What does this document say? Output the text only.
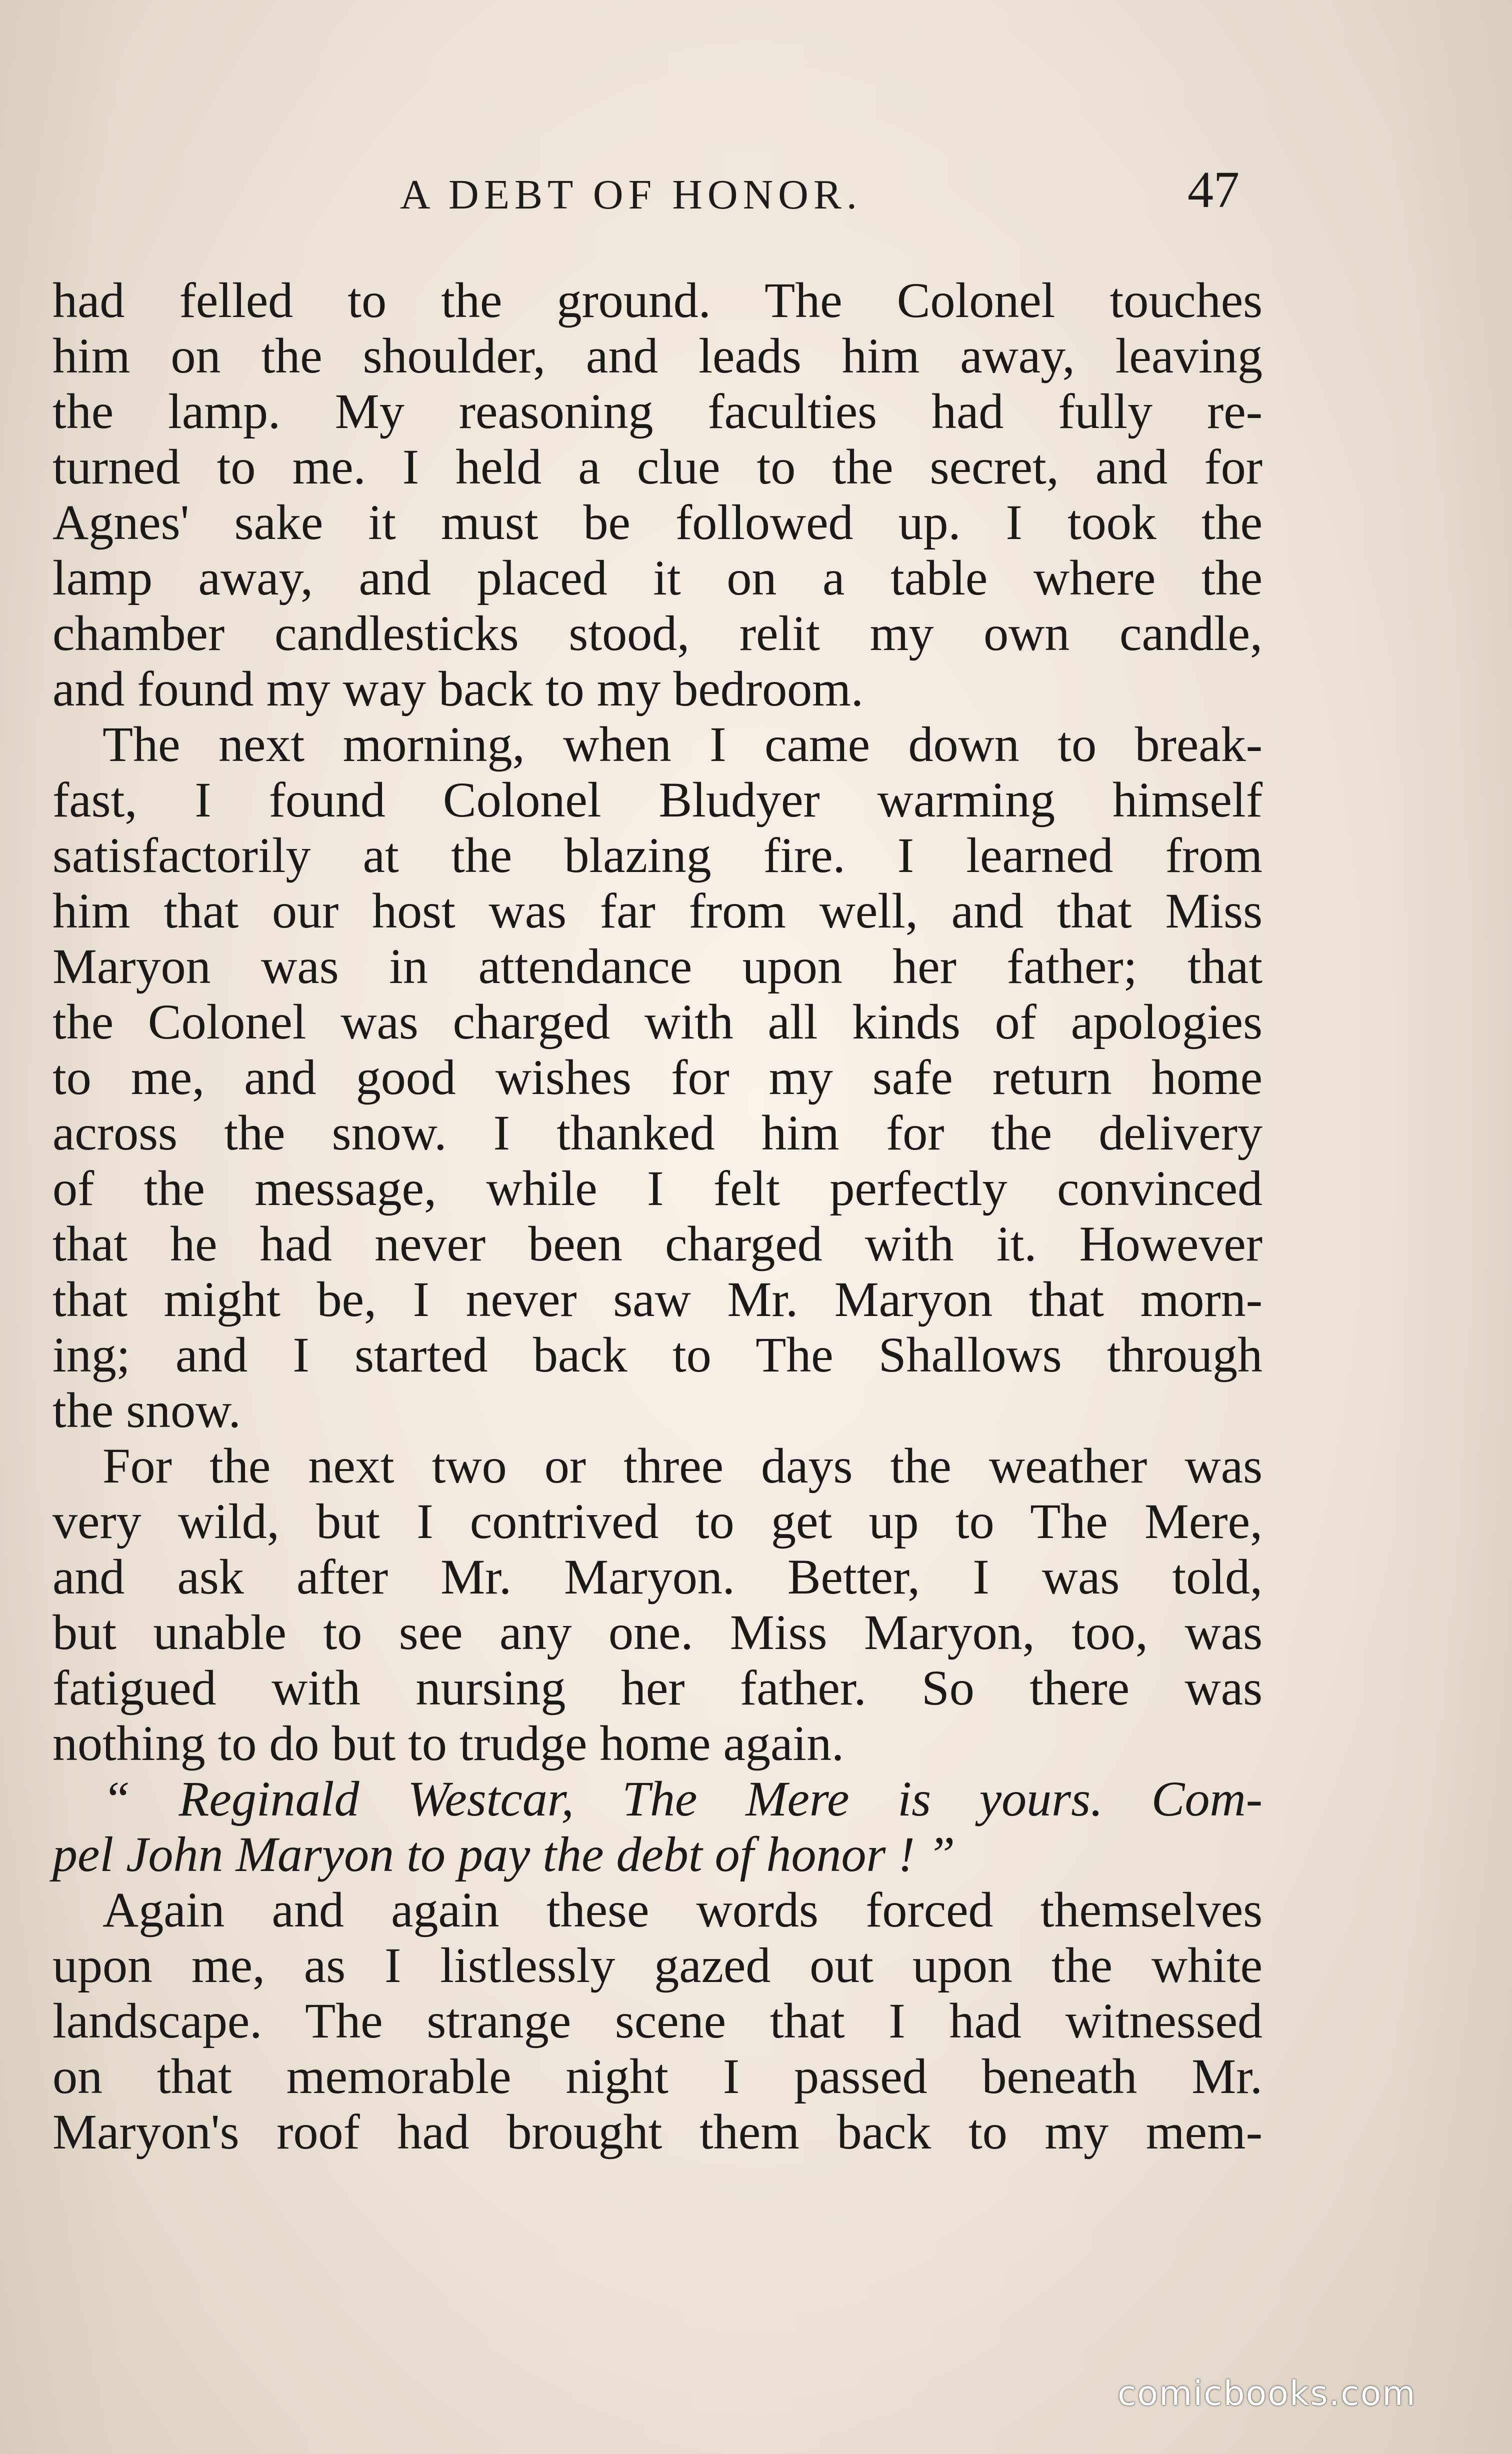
A DEBT OF HONOR.	47
had felled to the ground. The Colonel touches
him on the shoulder, and leads him away, leaving
the lamp. My reasoning faculties had fully re-
turned to me. I held a clue to the secret, and for
Agnes' sake it must be followed up. I took the
lamp away, and placed it on a table where the
chamber candlesticks stood, relit my own candle,
and found my way back to my bedroom.
The next morning, when I came down to break-
fast, I found Colonel Bludyer warming himself
satisfactorily at the blazing fire. I learned from
him that our host was far from well, and that Miss
Maryon was in attendance upon her father; that
the Colonel was charged with all kinds of apologies
to me, and good wishes for my safe return home
across the snow. I thanked him for the delivery
of the message, while I felt perfectly convinced
that he had never been charged with it. However
that might be, I never saw Mr. Maryon that morn-
ing; and I started back to The Shallows through
the snow.
For the next two or three days the weather was
very wild, but I contrived to get up to The Mere,
and ask after Mr. Maryon. Better, I was told,
but unable to see any one. Miss Maryon, too, was
fatigued with nursing her father. So there was
nothing to do but to trudge home again.
“ Reginald Westcar, The Mere is yours. Com-
pel John Maryon to pay the debt of honor ! ”
Again and again these words forced themselves
upon me, as I listlessly gazed out upon the white
landscape. The strange scene that I had witnessed
on that memorable night I passed beneath Mr.
Maryon's roof had brought them back to my mem-
comicbooks.com
